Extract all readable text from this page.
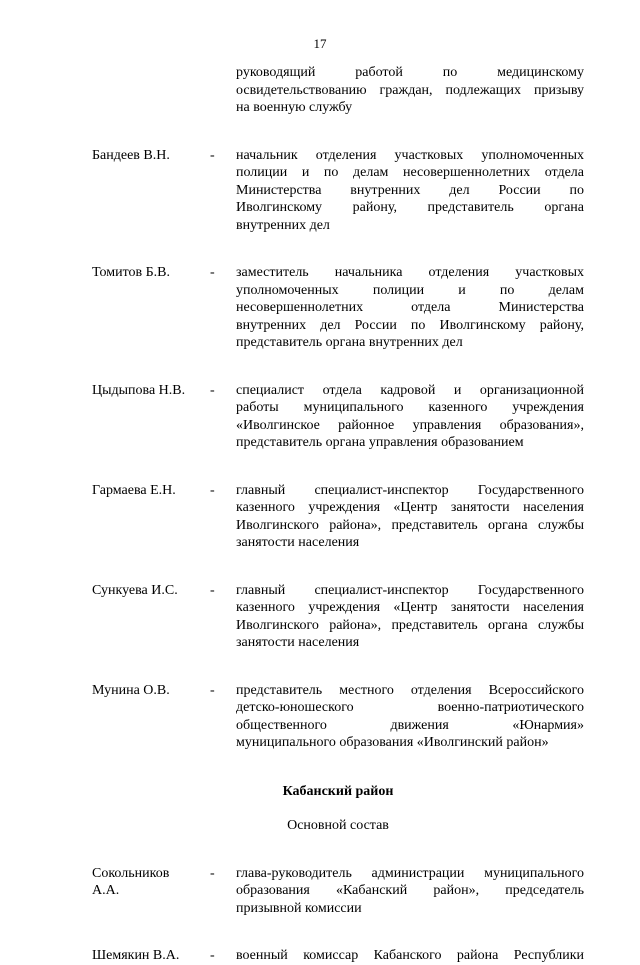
17
руководящий работой по медицинскому
освидетельствованию граждан, подлежащих призыву
на военную службу
Бандеев В.Н.	-	начальник отделения участковых уполномоченных
полиции и по делам несовершеннолетних отдела
Министерства внутренних дел России по
Иволгинскому району, представитель органа
внутренних дел
Томитов Б.В.	-	заместитель начальника отделения участковых
уполномоченных полиции и по делам
несовершеннолетних отдела Министерства
внутренних дел России по Иволгинскому району,
представитель органа внутренних дел
Цыдыпова Н.В.	-	специалист отдела кадровой и организационной
работы муниципального казенного учреждения
«Иволгинское районное управления образования»,
представитель органа управления образованием
Гармаева Е.Н.	-	главный специалист-инспектор Государственного
казенного учреждения «Центр занятости населения
Иволгинского района», представитель органа службы
занятости населения
Сункуева И.С.	-	главный специалист-инспектор Государственного
казенного учреждения «Центр занятости населения
Иволгинского района», представитель органа службы
занятости населения
Мунина О.В.	-	представитель местного отделения Всероссийского
детско-юношеского военно-патриотического
общественного движения «Юнармия»
муниципального образования «Иволгинский район»
Кабанский район
Основной состав
Сокольников
А.А.
-	глава-руководитель администрации муниципального
образования «Кабанский район», председатель
призывной комиссии
Шемякин В.А.	-	военный комиссар Кабанского района Республики
